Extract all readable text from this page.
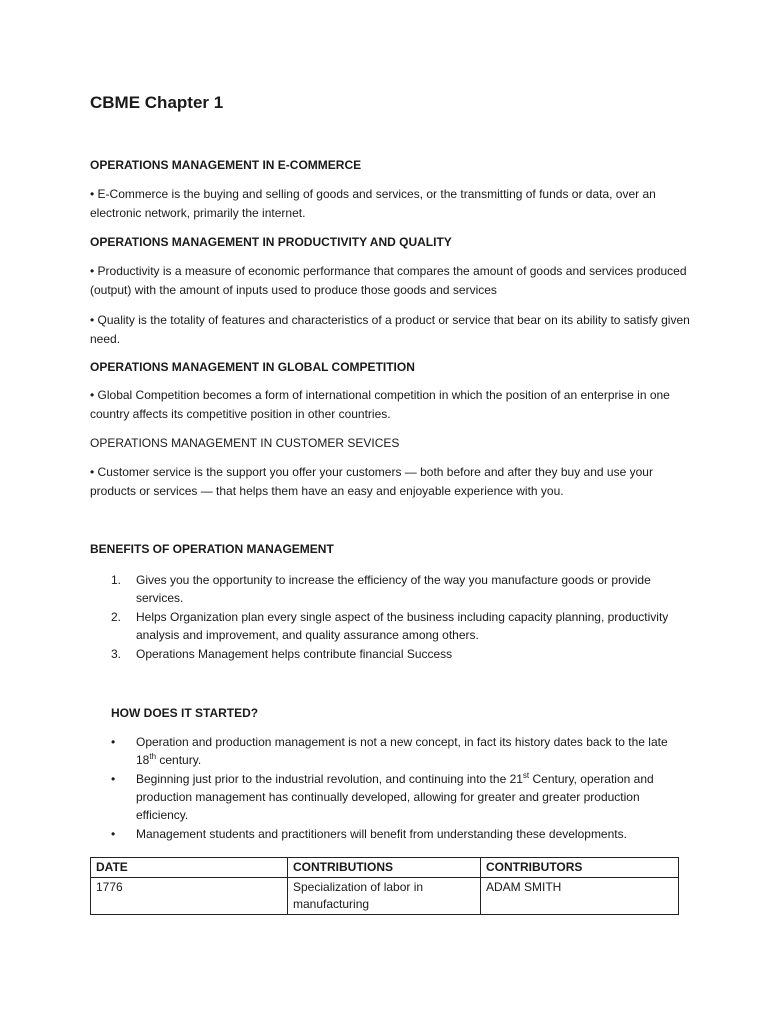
CBME Chapter 1
OPERATIONS MANAGEMENT IN E-COMMERCE

• E-Commerce is the buying and selling of goods and services, or the transmitting of funds or data, over an electronic network, primarily the internet.

OPERATIONS MANAGEMENT IN PRODUCTIVITY AND QUALITY

• Productivity is a measure of economic performance that compares the amount of goods and services produced (output) with the amount of inputs used to produce those goods and services

• Quality is the totality of features and characteristics of a product or service that bear on its ability to satisfy given need.

OPERATIONS MANAGEMENT IN GLOBAL COMPETITION

• Global Competition becomes a form of international competition in which the position of an enterprise in one country affects its competitive position in other countries.

OPERATIONS MANAGEMENT IN CUSTOMER SEVICES

• Customer service is the support you offer your customers — both before and after they buy and use your products or services — that helps them have an easy and enjoyable experience with you.

BENEFITS OF OPERATION MANAGEMENT
1.	Gives you the opportunity to increase the efficiency of the way you manufacture goods or provide services.
2.	Helps Organization plan every single aspect of the business including capacity planning, productivity analysis and improvement, and quality assurance among others.
3.	Operations Management helps contribute financial Success
HOW DOES IT STARTED?
•	Operation and production management is not a new concept, in fact its history dates back to the late 18th century.
•	Beginning just prior to the industrial revolution, and continuing into the 21st Century, operation and production management has continually developed, allowing for greater and greater production efficiency.
•	Management students and practitioners will benefit from understanding these developments.
DATE	CONTRIBUTIONS	CONTRIBUTORS
1776	Specialization of labor in manufacturing	ADAM SMITH
